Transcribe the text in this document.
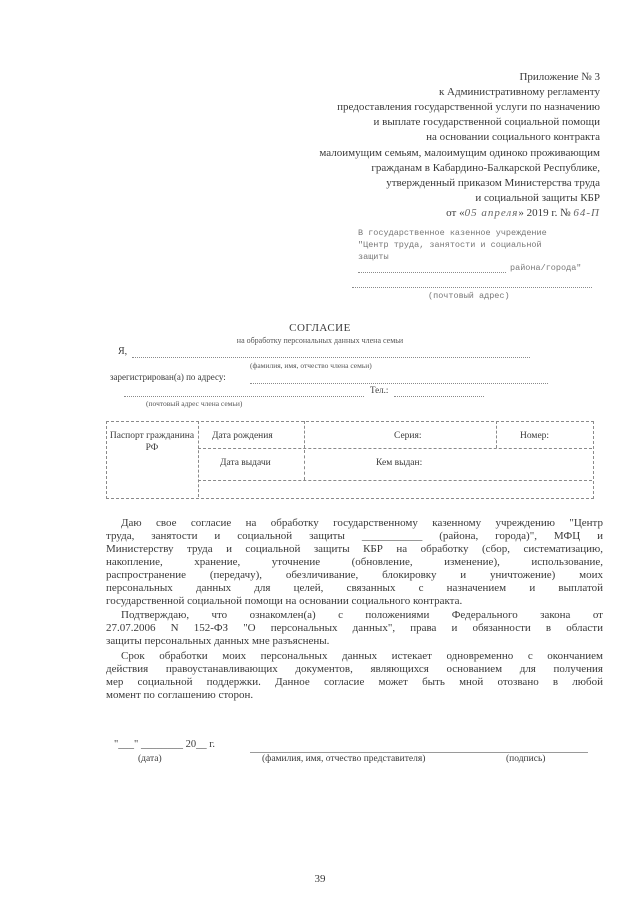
Приложение № 3
к Административному регламенту
предоставления государственной услуги по назначению
и выплате государственной социальной помощи
на основании социального контракта
малоимущим семьям, малоимущим одиноко проживающим
гражданам в Кабардино-Балкарской Республике,
утвержденный приказом Министерства труда
и социальной защиты КБР
от «05 апреля» 2019 г. № 64-П
В государственное казенное учреждение
"Центр труда, занятости и социальной
защиты
района/города"
(почтовый адрес)
СОГЛАСИЕ
на обработку персональных данных члена семьи
Я,
(фамилия, имя, отчество члена семьи)
зарегистрирован(а) по адресу:
Тел.:
(почтовый адрес члена семьи)
Паспорт гражданина РФ
Дата рождения	Серия:	Номер:
Дата выдачи	Кем выдан:
Даю свое согласие на обработку государственному казенному учреждению "Центр
труда, занятости и социальной защиты ___________ (района, города)", МФЦ и
Министерству труда и социальной защиты КБР на обработку (сбор, систематизацию,
накопление, хранение, уточнение (обновление, изменение), использование,
распространение (передачу), обезличивание, блокировку и уничтожение) моих
персональных данных для целей, связанных с назначением и выплатой
государственной социальной помощи на основании социального контракта.
Подтверждаю, что ознакомлен(а) с положениями Федерального закона от
27.07.2006 N 152-ФЗ "О персональных данных", права и обязанности в области
защиты персональных данных мне разъяснены.
Срок обработки моих персональных данных истекает одновременно с окончанием
действия правоустанавливающих документов, являющихся основанием для получения
мер социальной поддержки. Данное согласие может быть мной отозвано в любой
момент по соглашению сторон.
"___" ________ 20__ г.
(дата)	(фамилия, имя, отчество представителя)	(подпись)
39
